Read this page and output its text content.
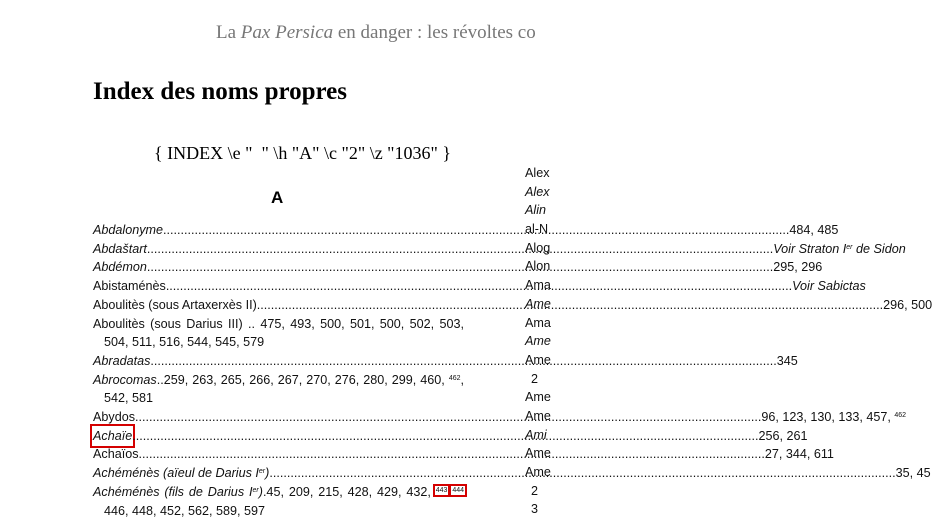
La Pax Persica en danger : les révoltes co
Index des noms propres
{ INDEX \e "  " \h "A" \c "2" \z "1036" }
A
Abdalonyme .....	484, 485
Abdaštart .....	Voir Straton Ier de Sidon
Abdémon .....	295, 296
Abistaménès .....	Voir Sabictas
Aboulitès (sous Artaxerxès II) .....	296, 500
Aboulitès (sous Darius III) .. 475, 493, 500, 501, 500, 502, 503, 504, 511, 516, 544, 545, 579
Abradatas .....	345
Abrocomas..259, 263, 265, 266, 267, 270, 276, 280, 299, 460, $^{462}$, 542, 581
Abydos .....	96, 123, 130, 133, 457, $^{462}$
Achaïe .....	256, 261
Achaïos .....	27, 344, 611
Achéménès (aïeul de Darius Ier) .....	35, 45
Achéménès (fils de Darius Ier).45, 209, 215, 428, 429, 432, $^{443}$ $^{444}$ 446, 448, 452, 562, 589, 597
Alex
Alex
Alin
al-N
Alog
Alon
Ama
Ame
Ama
Ame
Ame
2
Ame
Ame
Ami
Ame
Ame
2
3
